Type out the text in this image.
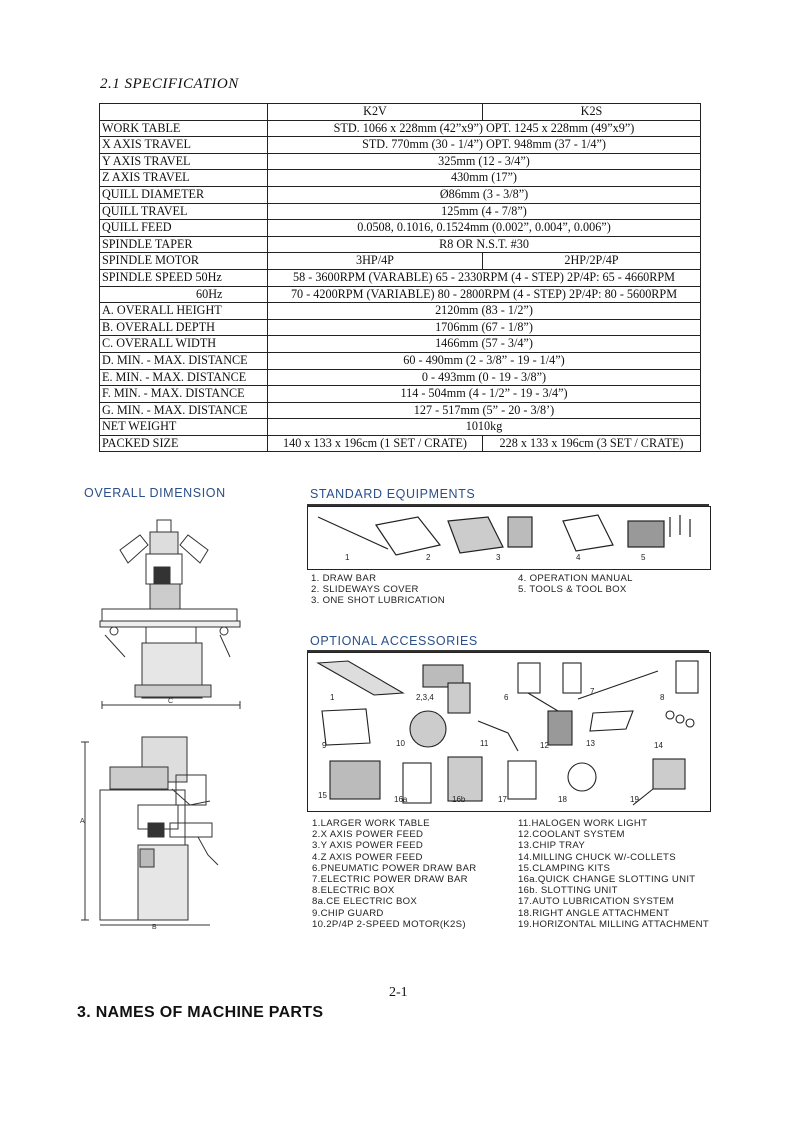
2.1 SPECIFICATION
	K2V	K2S
WORK TABLE	STD. 1066 x 228mm (42”x9”) OPT. 1245 x 228mm (49”x9”)	
X AXIS TRAVEL	STD. 770mm (30 - 1/4”) OPT. 948mm (37 - 1/4”)	
Y AXIS TRAVEL	325mm (12 - 3/4”)	
Z AXIS TRAVEL	430mm (17”)	
QUILL DIAMETER	Ø86mm (3 - 3/8”)	
QUILL TRAVEL	125mm (4 - 7/8”)	
QUILL FEED	0.0508, 0.1016, 0.1524mm (0.002”, 0.004”, 0.006”)	
SPINDLE TAPER	R8 OR N.S.T. #30	
SPINDLE MOTOR	3HP/4P	2HP/2P/4P
SPINDLE SPEED 50Hz	58 - 3600RPM (VARABLE) 65 - 2330RPM (4 - STEP) 2P/4P: 65 - 4660RPM	
60Hz	70 - 4200RPM (VARIABLE) 80 - 2800RPM (4 - STEP) 2P/4P: 80 - 5600RPM	
A. OVERALL HEIGHT	2120mm (83 - 1/2”)	
B. OVERALL DEPTH	1706mm (67 - 1/8”)	
C. OVERALL WIDTH	1466mm (57 - 3/4”)	
D. MIN. - MAX. DISTANCE	60 - 490mm (2 - 3/8” - 19 - 1/4”)	
E. MIN. - MAX. DISTANCE	0 - 493mm (0 - 19 - 3/8”)	
F. MIN. - MAX. DISTANCE	114 - 504mm (4 - 1/2” - 19 - 3/4”)	
G. MIN. - MAX. DISTANCE	127 - 517mm (5” - 20 - 3/8’)	
NET WEIGHT	1010kg	
PACKED SIZE	140 x 133 x 196cm (1 SET / CRATE)	228 x 133 x 196cm (3 SET / CRATE)
OVERALL DIMENSION
A
B
C
STANDARD EQUIPMENTS
1	2	3	4	5
1. DRAW BAR
2. SLIDEWAYS COVER
3. ONE SHOT LUBRICATION
4. OPERATION MANUAL
5. TOOLS & TOOL BOX
OPTIONAL ACCESSORIES
1	2,3,4	6
7
8
9	10	11	12	13	14
15	16a	16b	17	18	19
1.LARGER WORK TABLE
2.X AXIS POWER FEED
3.Y AXIS POWER FEED
4.Z AXIS POWER FEED
6.PNEUMATIC POWER DRAW BAR
7.ELECTRIC POWER DRAW BAR
8.ELECTRIC BOX
8a.CE ELECTRIC BOX
9.CHIP GUARD
10.2P/4P 2-SPEED MOTOR(K2S)
11.HALOGEN WORK LIGHT
12.COOLANT SYSTEM
13.CHIP TRAY
14.MILLING CHUCK W/-COLLETS
15.CLAMPING KITS
16a.QUICK CHANGE SLOTTING UNIT
16b. SLOTTING UNIT
17.AUTO LUBRICATION SYSTEM
18.RIGHT ANGLE ATTACHMENT
19.HORIZONTAL MILLING ATTACHMENT
2-1
3. NAMES OF MACHINE PARTS
